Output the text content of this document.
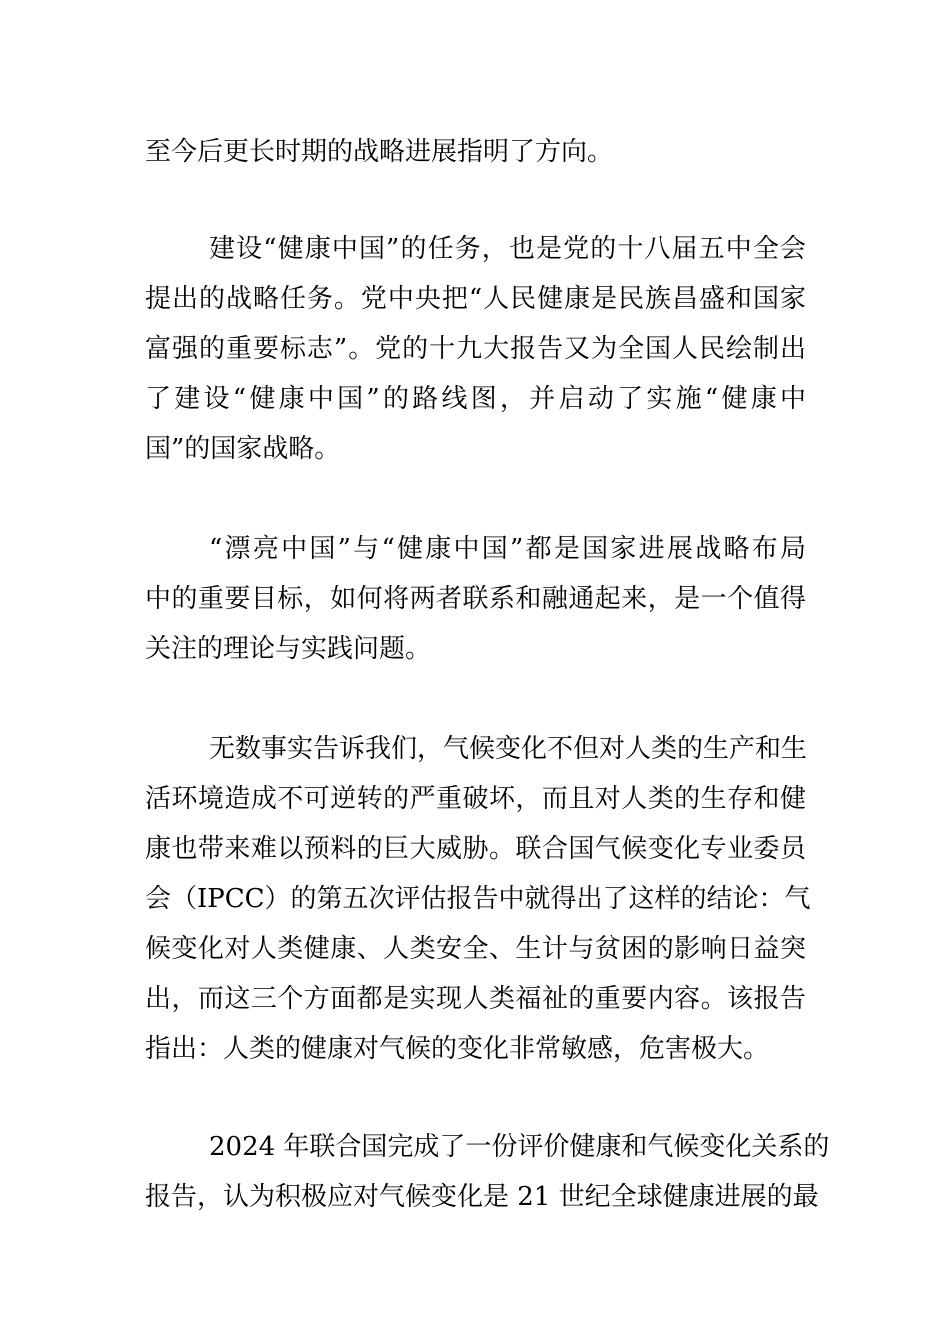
至今后更长时期的战略进展指明了方向。
建设“健康中国”的任务，也是党的十八届五中全会
提出的战略任务。党中央把“人民健康是民族昌盛和国家
富强的重要标志”。党的十九大报告又为全国人民绘制出
了建设“健康中国”的路线图，并启动了实施“健康中
国”的国家战略。
“漂亮中国”与“健康中国”都是国家进展战略布局
中的重要目标，如何将两者联系和融通起来，是一个值得
关注的理论与实践问题。
无数事实告诉我们，气候变化不但对人类的生产和生
活环境造成不可逆转的严重破坏，而且对人类的生存和健
康也带来难以预料的巨大威胁。联合国气候变化专业委员
会（IPCC）的第五次评估报告中就得出了这样的结论：气
候变化对人类健康、人类安全、生计与贫困的影响日益突
出，而这三个方面都是实现人类福祉的重要内容。该报告
指出：人类的健康对气候的变化非常敏感，危害极大。
2024 年联合国完成了一份评价健康和气候变化关系的
报告，认为积极应对气候变化是 21 世纪全球健康进展的最
